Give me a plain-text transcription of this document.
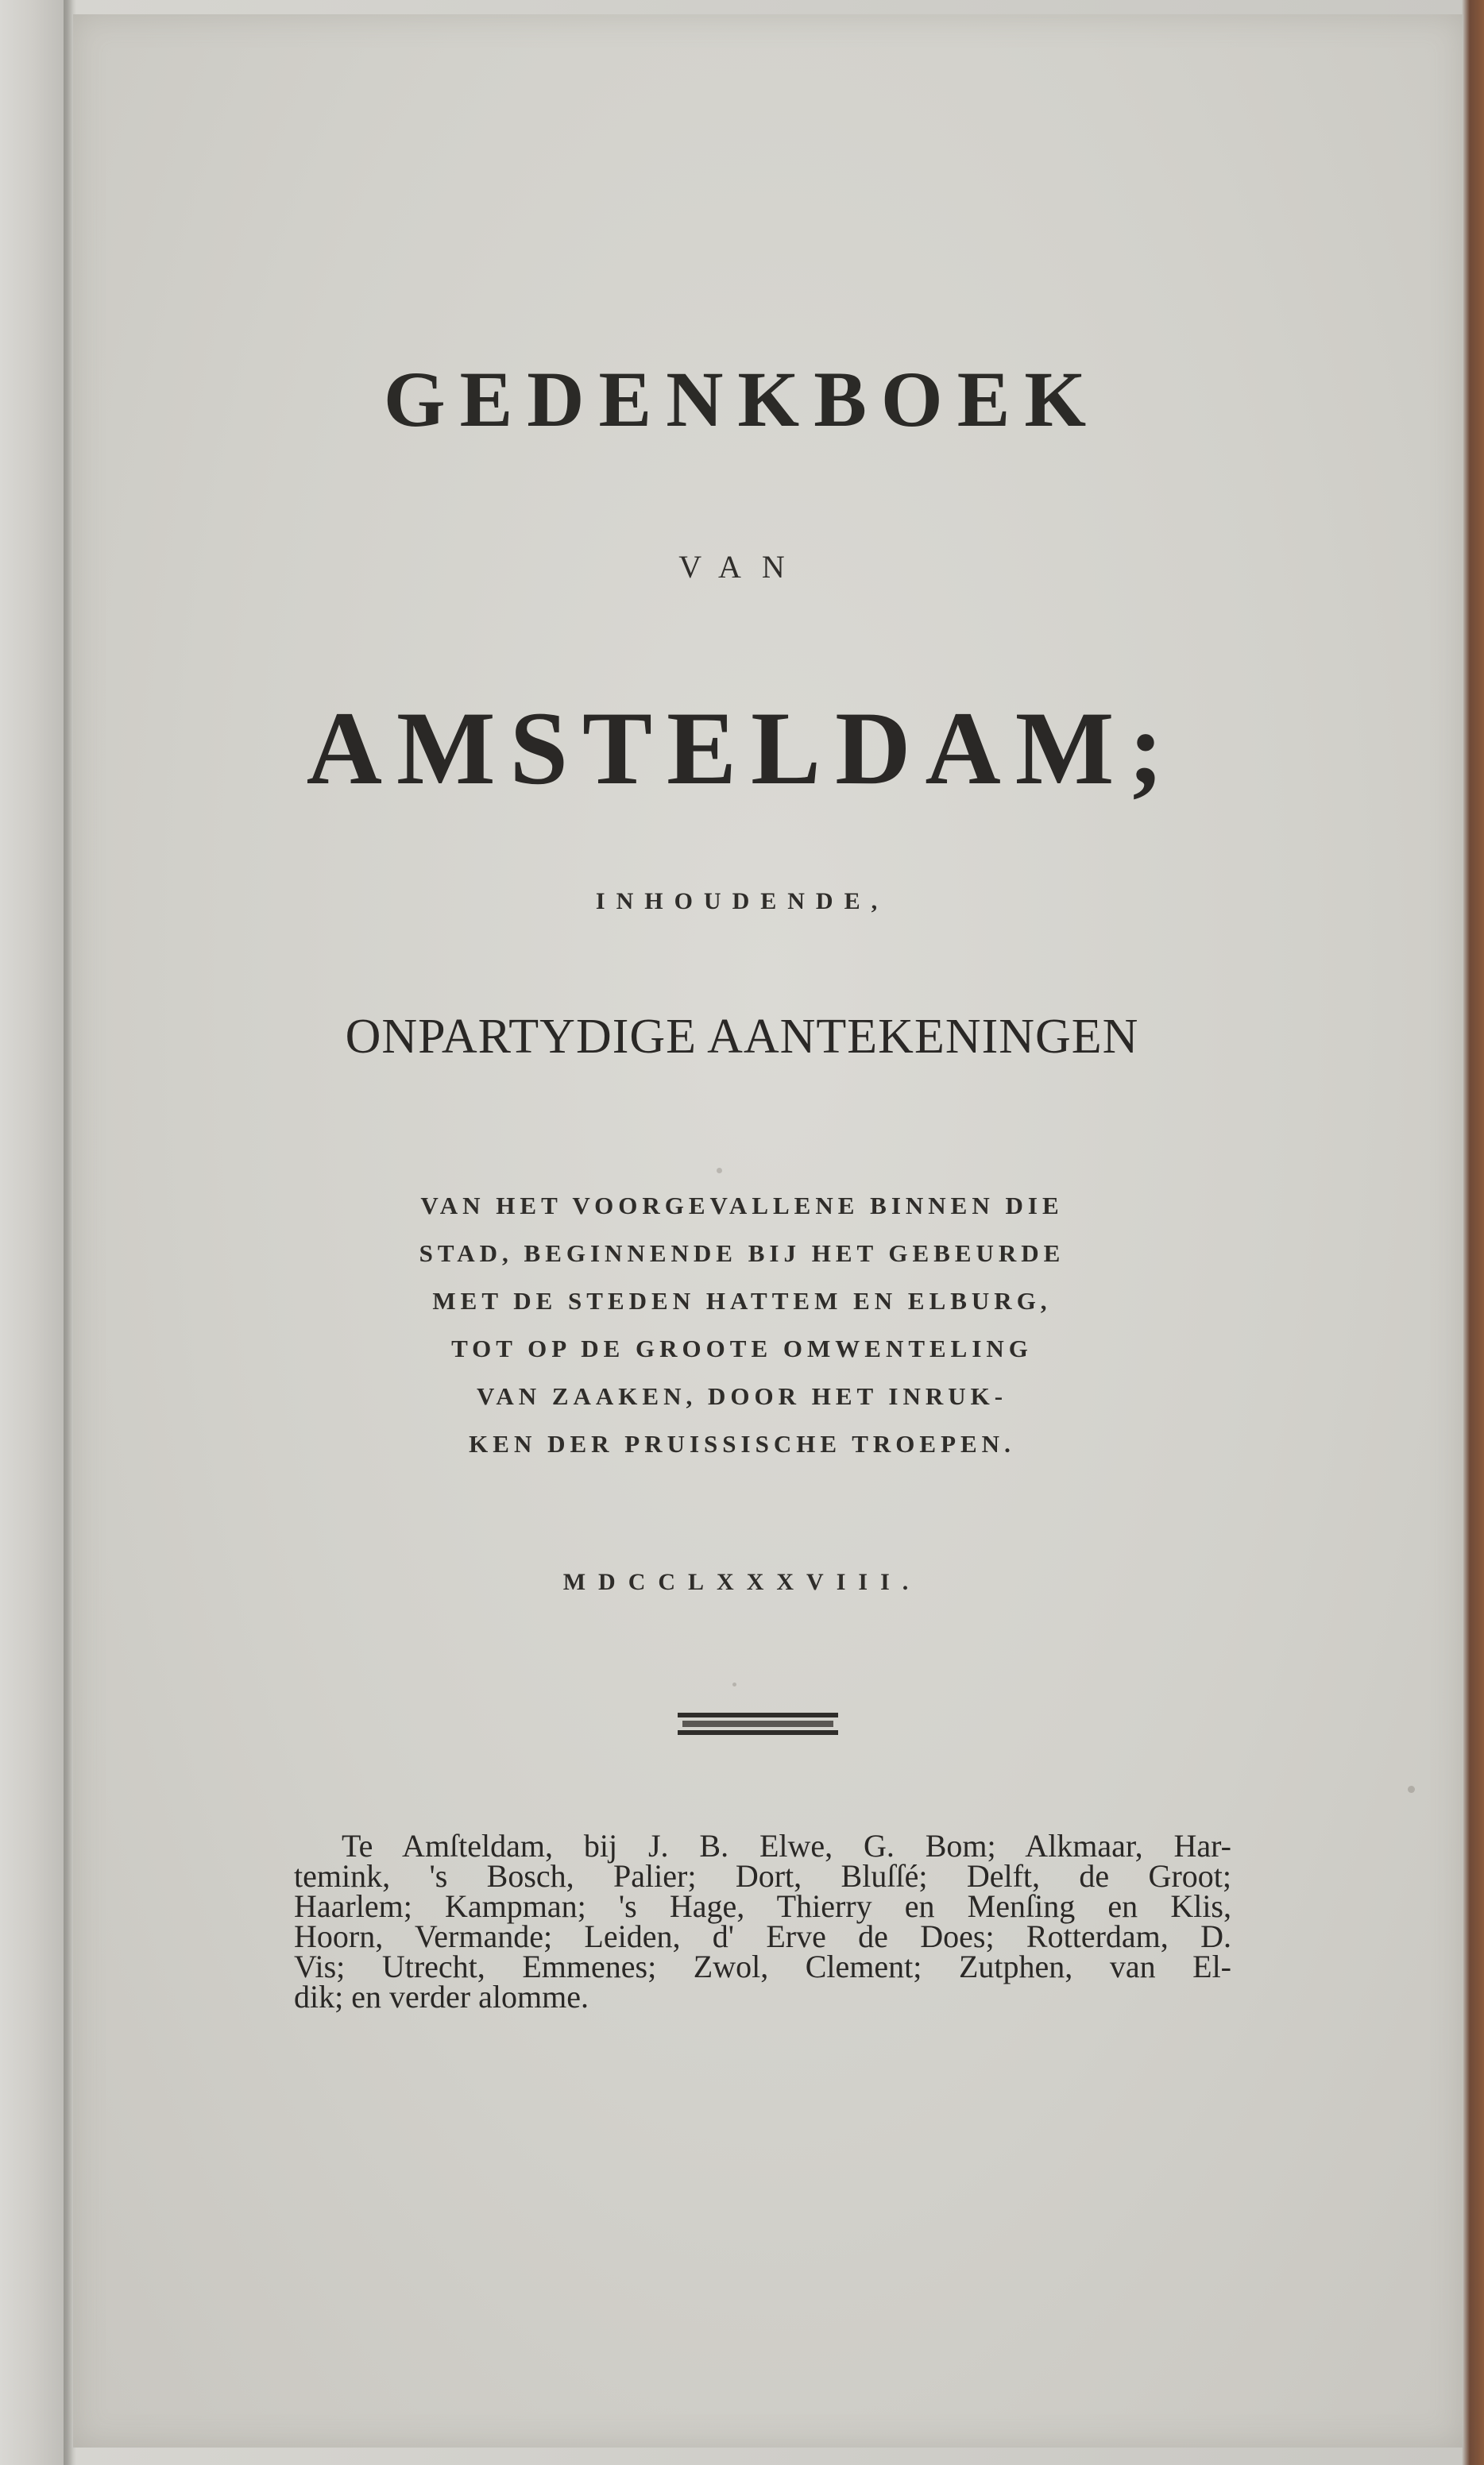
GEDENKBOEK
VAN
AMSTELDAM;
INHOUDENDE,
ONPARTYDIGE AANTEKENINGEN
VAN HET VOORGEVALLENE BINNEN DIE
STAD, BEGINNENDE BIJ HET GEBEURDE
MET DE STEDEN HATTEM EN ELBURG,
TOT OP DE GROOTE OMWENTELING
VAN ZAAKEN, DOOR HET INRUK-
KEN DER PRUISSISCHE TROEPEN.
MDCCLXXXVIII.
Te Amſteldam, bij J. B. Elwe, G. Bom; Alkmaar, Har-
temink, 's Bosch, Palier; Dort, Bluſſé; Delft, de Groot;
Haarlem; Kampman; 's Hage, Thierry en Menſing en Klis,
Hoorn, Vermande; Leiden, d' Erve de Does; Rotterdam, D.
Vis; Utrecht, Emmenes; Zwol, Clement; Zutphen, van El-
dik; en verder alomme.
